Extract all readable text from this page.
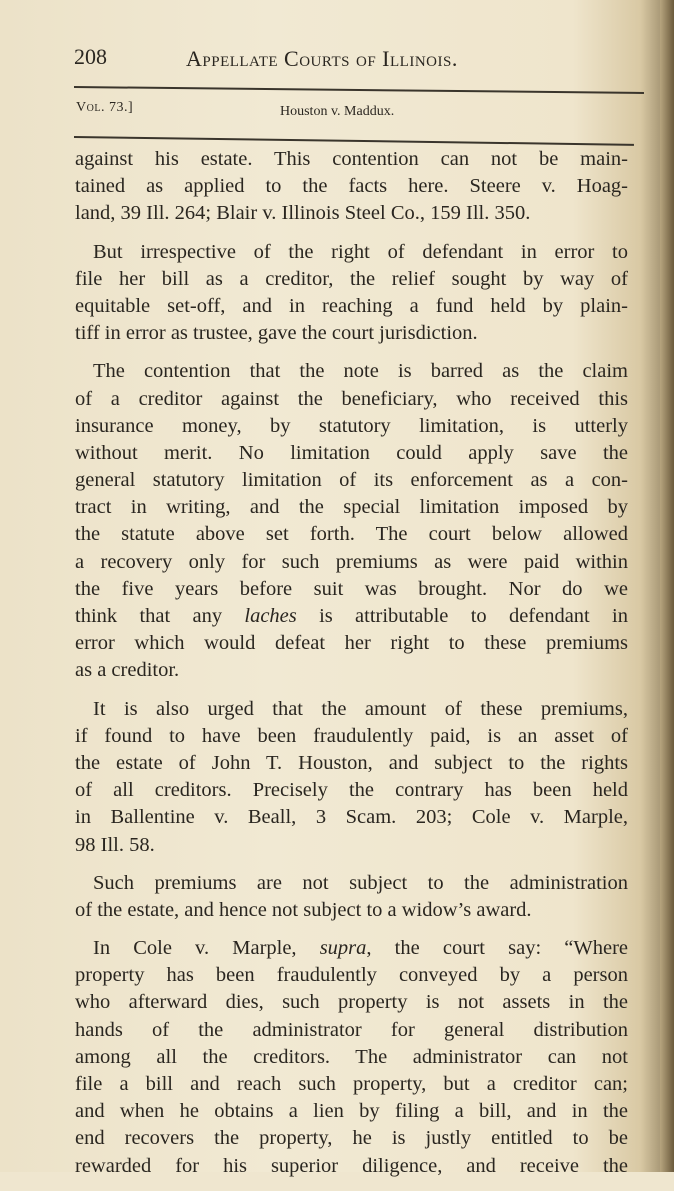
208	Appellate Courts of Illinois.
Vol. 73.]	Houston v. Maddux.
against his estate. This contention can not be main-
tained as applied to the facts here. Steere v. Hoag-
land, 39 Ill. 264; Blair v. Illinois Steel Co., 159 Ill. 350.
But irrespective of the right of defendant in error to
file her bill as a creditor, the relief sought by way of
equitable set-off, and in reaching a fund held by plain-
tiff in error as trustee, gave the court jurisdiction.
The contention that the note is barred as the claim
of a creditor against the beneficiary, who received this
insurance money, by statutory limitation, is utterly
without merit. No limitation could apply save the
general statutory limitation of its enforcement as a con-
tract in writing, and the special limitation imposed by
the statute above set forth. The court below allowed
a recovery only for such premiums as were paid within
the five years before suit was brought. Nor do we
think that any laches is attributable to defendant in
error which would defeat her right to these premiums
as a creditor.
It is also urged that the amount of these premiums,
if found to have been fraudulently paid, is an asset of
the estate of John T. Houston, and subject to the rights
of all creditors. Precisely the contrary has been held
in Ballentine v. Beall, 3 Scam. 203; Cole v. Marple,
98 Ill. 58.
Such premiums are not subject to the administration
of the estate, and hence not subject to a widow’s award.
In Cole v. Marple, supra, the court say: “Where
property has been fraudulently conveyed by a person
who afterward dies, such property is not assets in the
hands of the administrator for general distribution
among all the creditors. The administrator can not
file a bill and reach such property, but a creditor can;
and when he obtains a lien by filing a bill, and in the
end recovers the property, he is justly entitled to be
rewarded for his superior diligence, and receive the
